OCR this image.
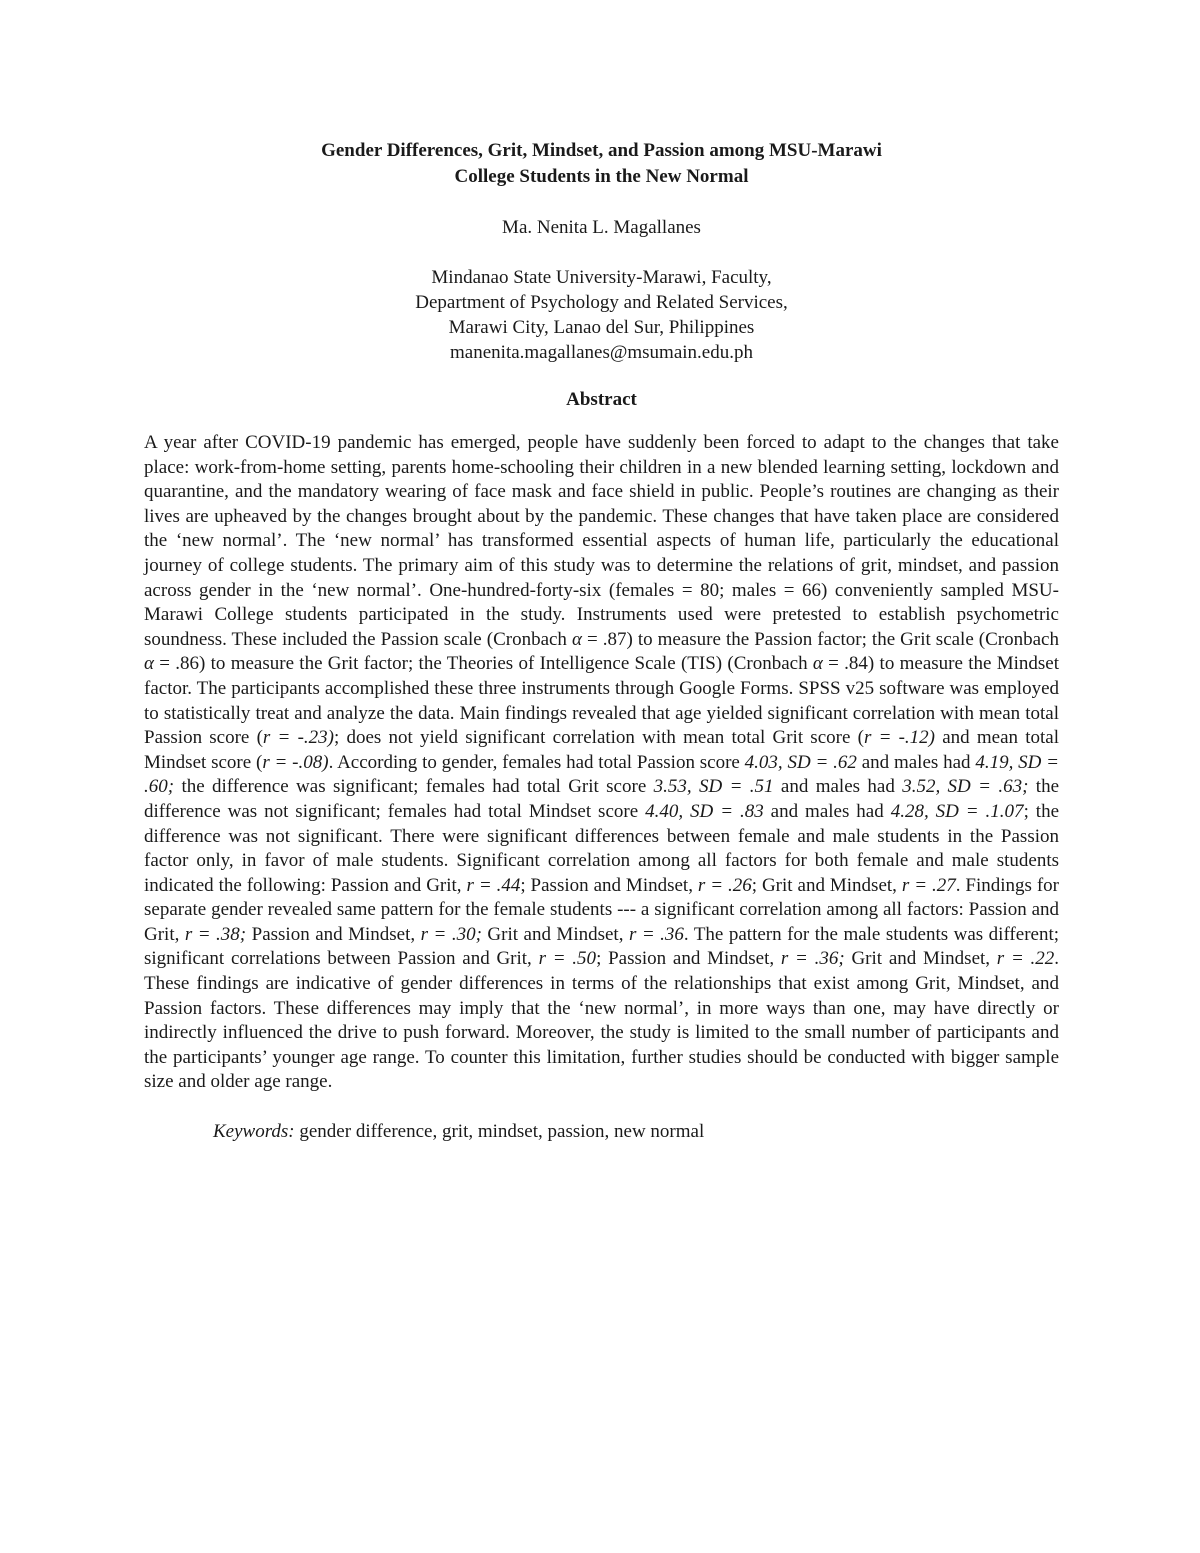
Gender Differences, Grit, Mindset, and Passion among MSU-Marawi
College Students in the New Normal
Ma. Nenita L. Magallanes
Mindanao State University-Marawi, Faculty,
Department of Psychology and Related Services,
Marawi City, Lanao del Sur, Philippines
manenita.magallanes@msumain.edu.ph
Abstract

A year after COVID-19 pandemic has emerged, people have suddenly been forced to adapt to the changes that take place: work-from-home setting, parents home-schooling their children in a new blended learning setting, lockdown and quarantine, and the mandatory wearing of face mask and face shield in public. People’s routines are changing as their lives are upheaved by the changes brought about by the pandemic. These changes that have taken place are considered the ‘new normal’. The ‘new normal’ has transformed essential aspects of human life, particularly the educational journey of college students. The primary aim of this study was to determine the relations of grit, mindset, and passion across gender in the ‘new normal’. One-hundred-forty-six (females = 80; males = 66) conveniently sampled MSU-Marawi College students participated in the study. Instruments used were pretested to establish psychometric soundness. These included the Passion scale (Cronbach α = .87) to measure the Passion factor; the Grit scale (Cronbach α = .86) to measure the Grit factor; the Theories of Intelligence Scale (TIS) (Cronbach α = .84) to measure the Mindset factor. The participants accomplished these three instruments through Google Forms. SPSS v25 software was employed to statistically treat and analyze the data. Main findings revealed that age yielded significant correlation with mean total Passion score (r = -.23); does not yield significant correlation with mean total Grit score (r = -.12) and mean total Mindset score (r = -.08). According to gender, females had total Passion score 4.03, SD = .62 and males had 4.19, SD = .60; the difference was significant; females had total Grit score 3.53, SD = .51 and males had 3.52, SD = .63; the difference was not significant; females had total Mindset score 4.40, SD = .83 and males had 4.28, SD = .1.07; the difference was not significant. There were significant differences between female and male students in the Passion factor only, in favor of male students. Significant correlation among all factors for both female and male students indicated the following: Passion and Grit, r = .44; Passion and Mindset, r = .26; Grit and Mindset, r = .27. Findings for separate gender revealed same pattern for the female students --- a significant correlation among all factors: Passion and Grit, r = .38; Passion and Mindset, r = .30; Grit and Mindset, r = .36. The pattern for the male students was different; significant correlations between Passion and Grit, r = .50; Passion and Mindset, r = .36; Grit and Mindset, r = .22. These findings are indicative of gender differences in terms of the relationships that exist among Grit, Mindset, and Passion factors. These differences may imply that the ‘new normal’, in more ways than one, may have directly or indirectly influenced the drive to push forward. Moreover, the study is limited to the small number of participants and the participants’ younger age range. To counter this limitation, further studies should be conducted with bigger sample size and older age range.

Keywords: gender difference, grit, mindset, passion, new normal
